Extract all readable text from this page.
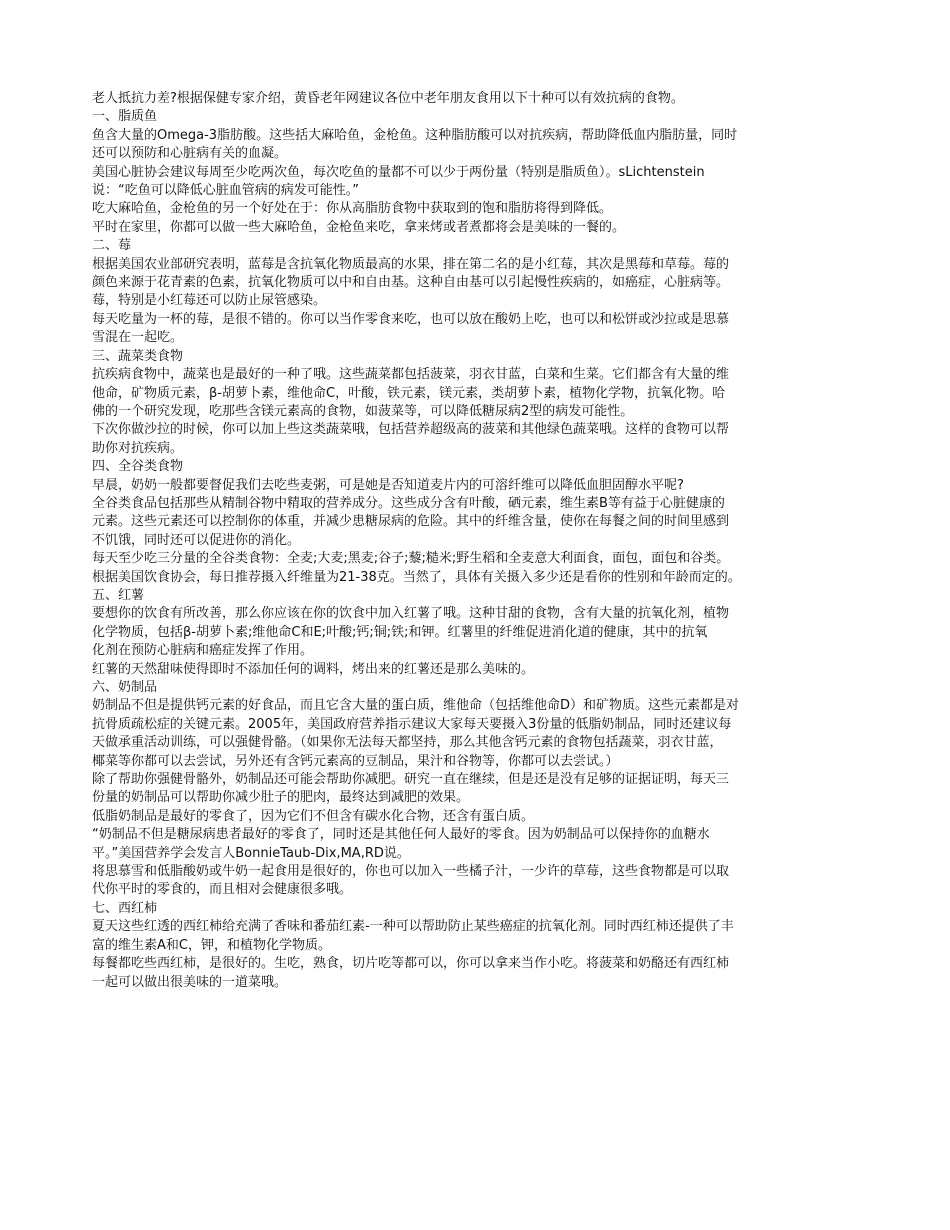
老人抵抗力差?根据保健专家介绍，黄昏老年网建议各位中老年朋友食用以下十种可以有效抗病的食物。

一、脂质鱼

鱼含大量的Omega-3脂肪酸。这些括大麻哈鱼，金枪鱼。这种脂肪酸可以对抗疾病，帮助降低血内脂肪量，同时

还可以预防和心脏病有关的血凝。

美国心脏协会建议每周至少吃两次鱼，每次吃鱼的量都不可以少于两份量（特别是脂质鱼）。sLichtenstein

说：“吃鱼可以降低心脏血管病的病发可能性。”

吃大麻哈鱼，金枪鱼的另一个好处在于：你从高脂肪食物中获取到的饱和脂肪将得到降低。

平时在家里，你都可以做一些大麻哈鱼，金枪鱼来吃，拿来烤或者煮都将会是美味的一餐的。

二、莓

根据美国农业部研究表明，蓝莓是含抗氧化物质最高的水果，排在第二名的是小红莓，其次是黑莓和草莓。莓的

颜色来源于花青素的色素，抗氧化物质可以中和自由基。这种自由基可以引起慢性疾病的，如癌症，心脏病等。

莓，特别是小红莓还可以防止尿管感染。

每天吃量为一杯的莓，是很不错的。你可以当作零食来吃，也可以放在酸奶上吃，也可以和松饼或沙拉或是思慕

雪混在一起吃。

三、蔬菜类食物

抗疾病食物中，蔬菜也是最好的一种了哦。这些蔬菜都包括菠菜，羽衣甘蓝，白菜和生菜。它们都含有大量的维

他命，矿物质元素，β-胡萝卜素，维他命C，叶酸，铁元素，镁元素，类胡萝卜素，植物化学物，抗氧化物。哈

佛的一个研究发现，吃那些含镁元素高的食物，如菠菜等，可以降低糖尿病2型的病发可能性。

下次你做沙拉的时候，你可以加上些这类蔬菜哦，包括营养超级高的菠菜和其他绿色蔬菜哦。这样的食物可以帮

助你对抗疾病。

四、全谷类食物

早晨，奶奶一般都要督促我们去吃些麦粥，可是她是否知道麦片内的可溶纤维可以降低血胆固醇水平呢?

全谷类食品包括那些从精制谷物中精取的营养成分。这些成分含有叶酸，硒元素，维生素B等有益于心脏健康的

元素。这些元素还可以控制你的体重，并减少患糖尿病的危险。其中的纤维含量，使你在每餐之间的时间里感到

不饥饿，同时还可以促进你的消化。

每天至少吃三分量的全谷类食物：全麦;大麦;黑麦;谷子;藜;糙米;野生稻和全麦意大利面食，面包，面包和谷类。

根据美国饮食协会，每日推荐摄入纤维量为21-38克。当然了，具体有关摄入多少还是看你的性别和年龄而定的。

五、红薯

要想你的饮食有所改善，那么你应该在你的饮食中加入红薯了哦。这种甘甜的食物，含有大量的抗氧化剂，植物

化学物质，包括β-胡萝卜素;维他命C和E;叶酸;钙;铜;铁;和钾。红薯里的纤维促进消化道的健康，其中的抗氧

化剂在预防心脏病和癌症发挥了作用。

红薯的天然甜味使得即时不添加任何的调料，烤出来的红薯还是那么美味的。

六、奶制品

奶制品不但是提供钙元素的好食品，而且它含大量的蛋白质，维他命（包括维他命D）和矿物质。这些元素都是对

抗骨质疏松症的关键元素。2005年，美国政府营养指示建议大家每天要摄入3份量的低脂奶制品，同时还建议每

天做承重活动训练，可以强健骨骼。（如果你无法每天都坚持，那么其他含钙元素的食物包括蔬菜，羽衣甘蓝，

椰菜等你都可以去尝试，另外还有含钙元素高的豆制品，果汁和谷物等，你都可以去尝试。）

除了帮助你强健骨骼外，奶制品还可能会帮助你减肥。研究一直在继续，但是还是没有足够的证据证明，每天三

份量的奶制品可以帮助你减少肚子的肥肉，最终达到减肥的效果。

低脂奶制品是最好的零食了，因为它们不但含有碳水化合物，还含有蛋白质。

“奶制品不但是糖尿病患者最好的零食了，同时还是其他任何人最好的零食。因为奶制品可以保持你的血糖水

平。”美国营养学会发言人BonnieTaub-Dix,MA,RD说。

将思慕雪和低脂酸奶或牛奶一起食用是很好的，你也可以加入一些橘子汁，一少许的草莓，这些食物都是可以取

代你平时的零食的，而且相对会健康很多哦。

七、西红柿

夏天这些红透的西红柿给充满了香味和番茄红素-一种可以帮助防止某些癌症的抗氧化剂。同时西红柿还提供了丰

富的维生素A和C，钾，和植物化学物质。

每餐都吃些西红柿，是很好的。生吃，熟食，切片吃等都可以，你可以拿来当作小吃。将菠菜和奶酪还有西红柿

一起可以做出很美味的一道菜哦。
